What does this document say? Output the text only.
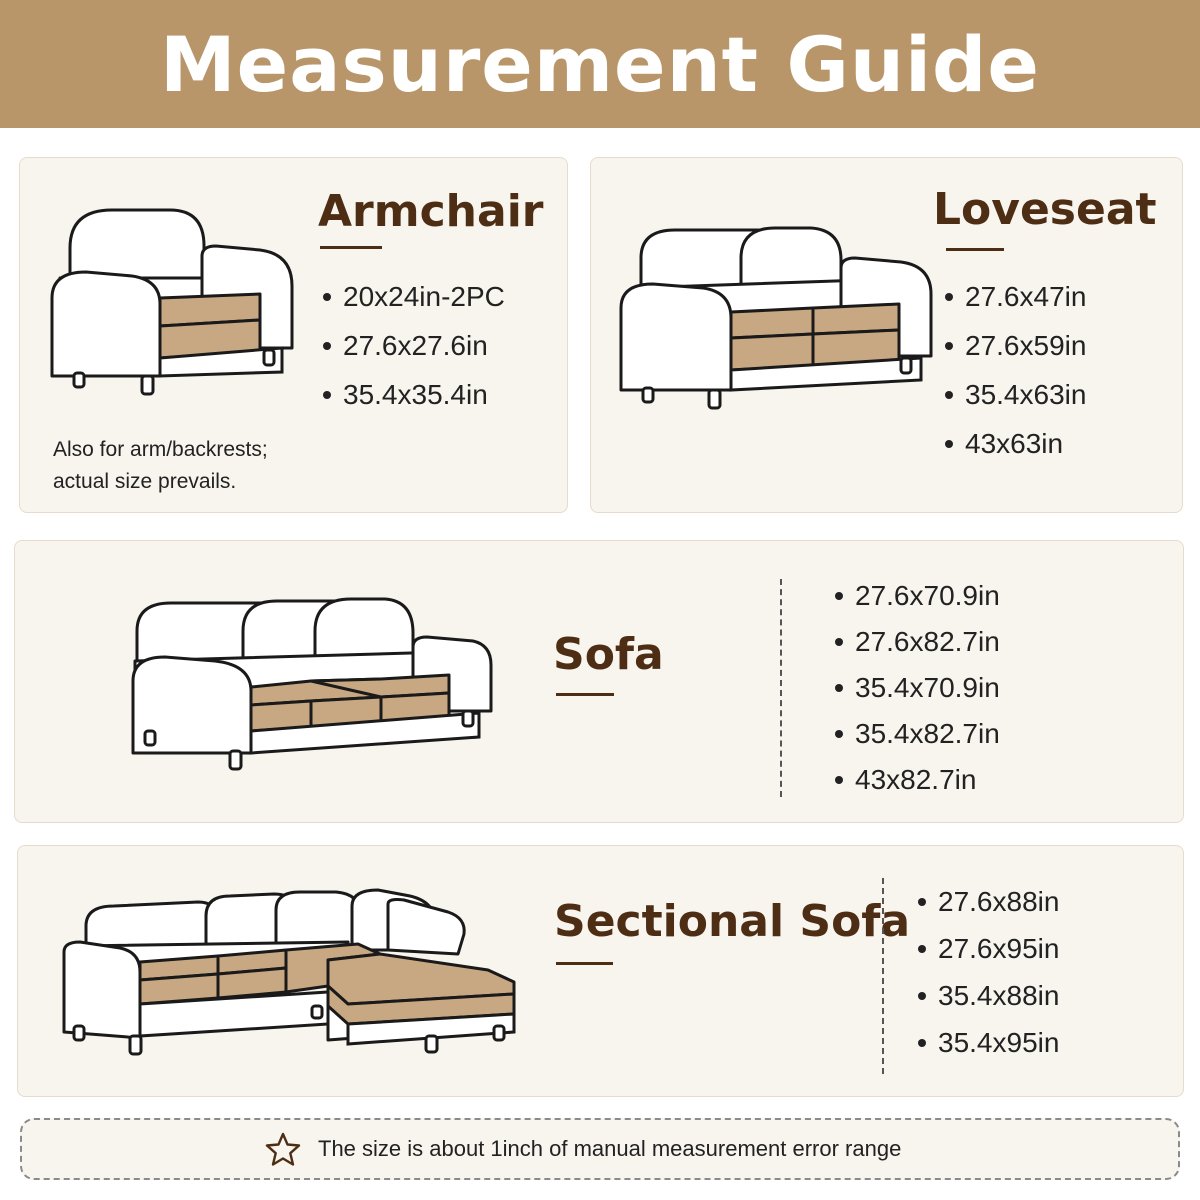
Measurement Guide
Armchair
20x24in-2PC
27.6x27.6in
35.4x35.4in
Also for arm/backrests;
actual size prevails.
Loveseat
27.6x47in
27.6x59in
35.4x63in
43x63in
Sofa
27.6x70.9in
27.6x82.7in
35.4x70.9in
35.4x82.7in
43x82.7in
Sectional Sofa 27.6x88in
27.6x95in
35.4x88in
35.4x95in
The size is about 1inch of manual measurement error range
